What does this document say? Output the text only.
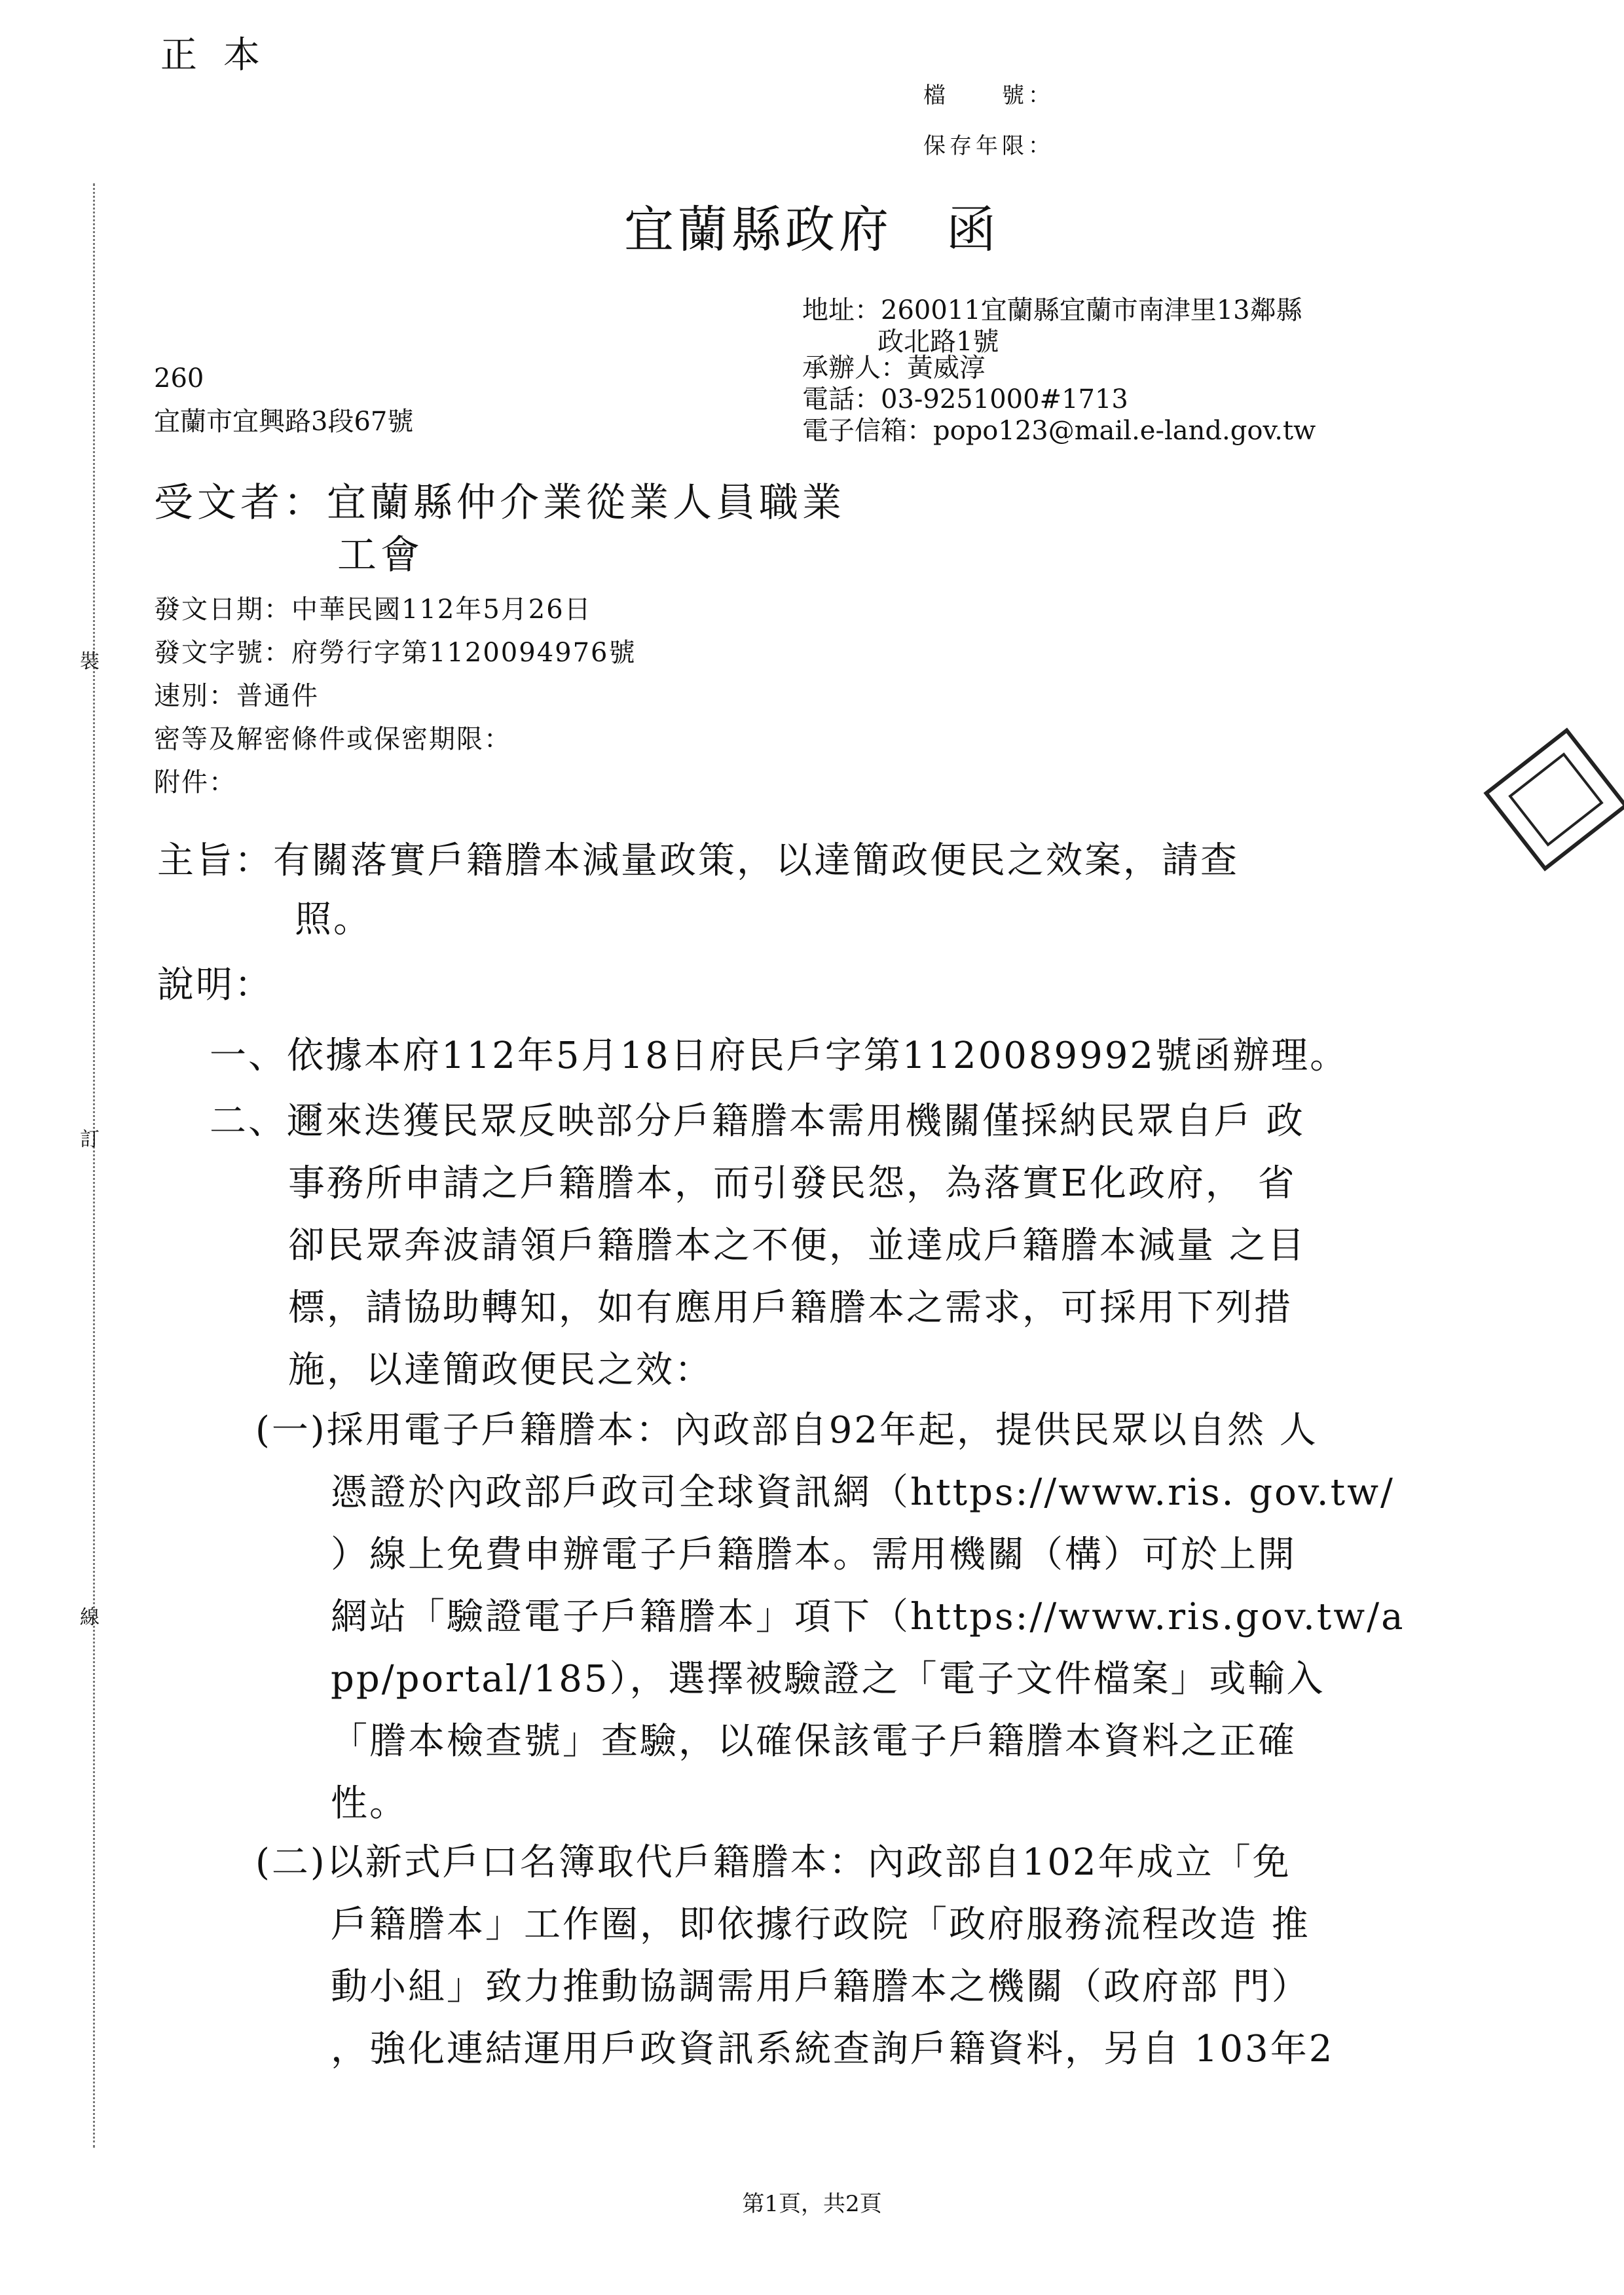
正本
檔　　號：
保存年限：
宜蘭縣政府　函
地址：260011宜蘭縣宜蘭市南津里13鄰縣
政北路1號
承辦人：黃威淳
電話：03-9251000#1713
電子信箱：popo123@mail.e-land.gov.tw
260
宜蘭市宜興路3段67號
受文者：宜蘭縣仲介業從業人員職業
工會
發文日期：中華民國112年5月26日
發文字號：府勞行字第1120094976號
速別：普通件
密等及解密條件或保密期限：
附件：
主旨：有關落實戶籍謄本減量政策，以達簡政便民之效案，請查
照。
說明：
一、依據本府112年5月18日府民戶字第1120089992號函辦理。
二、邇來迭獲民眾反映部分戶籍謄本需用機關僅採納民眾自戶 政
事務所申請之戶籍謄本，而引發民怨，為落實E化政府， 省
卻民眾奔波請領戶籍謄本之不便，並達成戶籍謄本減量 之目
標，請協助轉知，如有應用戶籍謄本之需求，可採用下列措
施，以達簡政便民之效：
(一)採用電子戶籍謄本：內政部自92年起，提供民眾以自然 人
憑證於內政部戶政司全球資訊網（https://www.ris. gov.tw/
）線上免費申辦電子戶籍謄本。需用機關（構）可於上開
網站「驗證電子戶籍謄本」項下（https://www.ris.gov.tw/a
pp/portal/185），選擇被驗證之「電子文件檔案」或輸入
「謄本檢查號」查驗，以確保該電子戶籍謄本資料之正確
性。
(二)以新式戶口名簿取代戶籍謄本：內政部自102年成立「免
戶籍謄本」工作圈，即依據行政院「政府服務流程改造 推
動小組」致力推動協調需用戶籍謄本之機關（政府部 門）
，強化連結運用戶政資訊系統查詢戶籍資料，另自 103年2
裝
訂
線
第1頁，共2頁
